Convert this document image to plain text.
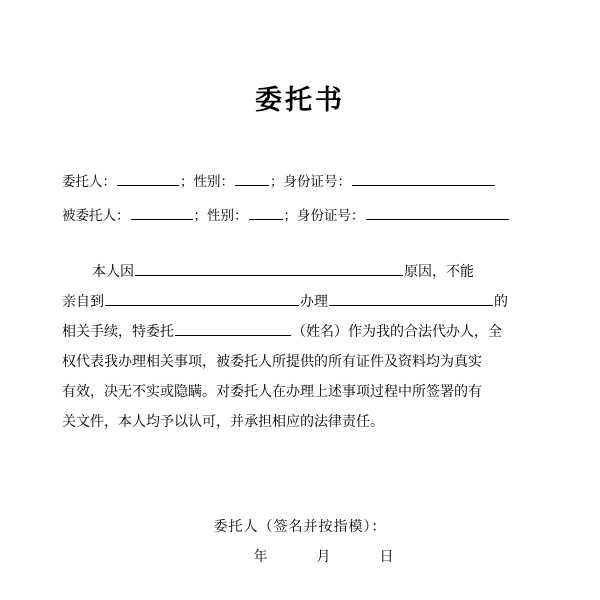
委托书
委托人：	；性别：	；身份证号：
被委托人：	；性别：	；身份证号：

本人因	原因，不能
亲自到	办理	的
相关手续，特委托	（姓名）作为我的合法代办人，全
权代表我办理相关事项，被委托人所提供的所有证件及资料均为真实
有效，决无不实或隐瞒。对委托人在办理上述事项过程中所签署的有
关文件，本人均予以认可，并承担相应的法律责任。

委托人（签名并按指模）：
年	月	日
